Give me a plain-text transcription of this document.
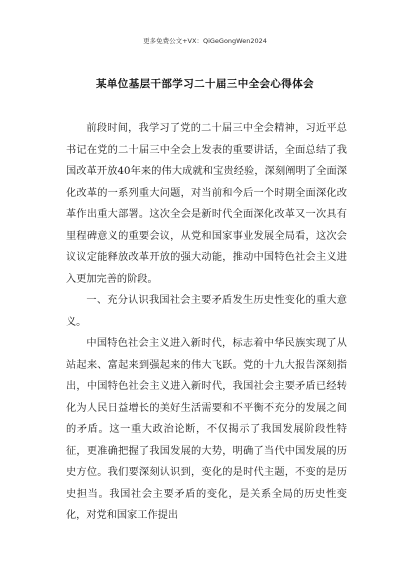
更多免费公文+VX：QiGeGongWen2024
某单位基层干部学习二十届三中全会心得体会

前段时间，我学习了党的二十届三中全会精神，习近平总书记在党的二十届三中全会上发表的重要讲话，全面总结了我国改革开放40年来的伟大成就和宝贵经验，深刻阐明了全面深化改革的一系列重大问题，对当前和今后一个时期全面深化改革作出重大部署。这次全会是新时代全面深化改革又一次具有里程碑意义的重要会议，从党和国家事业发展全局看，这次会议议定能释放改革开放的强大动能，推动中国特色社会主义进入更加完善的阶段。

一、充分认识我国社会主要矛盾发生历史性变化的重大意义。

中国特色社会主义进入新时代，标志着中华民族实现了从站起来、富起来到强起来的伟大飞跃。党的十九大报告深刻指出，中国特色社会主义进入新时代，我国社会主要矛盾已经转化为人民日益增长的美好生活需要和不平衡不充分的发展之间的矛盾。这一重大政治论断，不仅揭示了我国发展阶段性特征，更准确把握了我国发展的大势，明确了当代中国发展的历史方位。我们要深刻认识到，变化的是时代主题，不变的是历史担当。我国社会主要矛盾的变化，是关系全局的历史性变化，对党和国家工作提出
